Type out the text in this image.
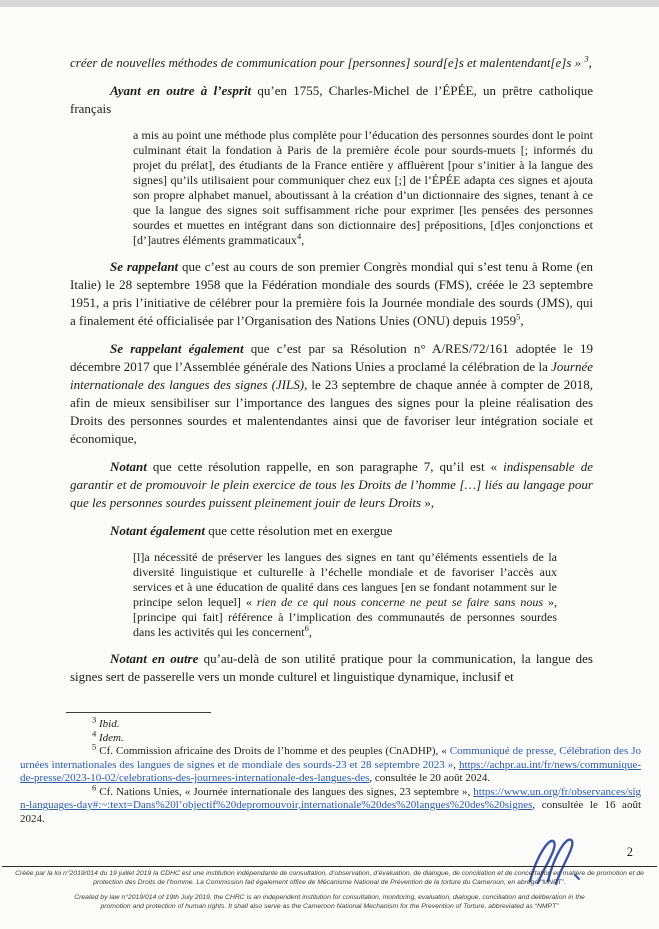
créer de nouvelles méthodes de communication pour [personnes] sourd[e]s et malentendant[e]s » $^3$,

Ayant en outre à l’esprit qu’en 1755, Charles-Michel de l’ÉPÉE, un prêtre catholique français

a mis au point une méthode plus complète pour l’éducation des personnes sourdes dont le point culminant était la fondation à Paris de la première école pour sourds-muets [; informés du projet du prélat], des étudiants de la France entière y affluèrent [pour s’initier à la langue des signes] qu’ils utilisaient pour communiquer chez eux [;] de l’ÉPÉE adapta ces signes et ajouta son propre alphabet manuel, aboutissant à la création d’un dictionnaire des signes, tenant à ce que la langue des signes soit suffisamment riche pour exprimer [les pensées des personnes sourdes et muettes en intégrant dans son dictionnaire des] prépositions, [d]es conjonctions et [d’]autres éléments grammaticaux$^4$,

Se rappelant que c’est au cours de son premier Congrès mondial qui s’est tenu à Rome (en Italie) le 28 septembre 1958 que la Fédération mondiale des sourds (FMS), créée le 23 septembre 1951, a pris l’initiative de célébrer pour la première fois la Journée mondiale des sourds (JMS), qui a finalement été officialisée par l’Organisation des Nations Unies (ONU) depuis 1959$^5$,

Se rappelant également que c’est par sa Résolution n° A/RES/72/161 adoptée le 19 décembre 2017 que l’Assemblée générale des Nations Unies a proclamé la célébration de la Journée internationale des langues des signes (JILS), le 23 septembre de chaque année à compter de 2018, afin de mieux sensibiliser sur l’importance des langues des signes pour la pleine réalisation des Droits des personnes sourdes et malentendantes ainsi que de favoriser leur intégration sociale et économique,

Notant que cette résolution rappelle, en son paragraphe 7, qu’il est « indispensable de garantir et de promouvoir le plein exercice de tous les Droits de l’homme […] liés au langage pour que les personnes sourdes puissent pleinement jouir de leurs Droits »,

Notant également que cette résolution met en exergue

[l]a nécessité de préserver les langues des signes en tant qu’éléments essentiels de la diversité linguistique et culturelle à l’échelle mondiale et de favoriser l’accès aux services et à une éducation de qualité dans ces langues [en se fondant notamment sur le principe selon lequel] « rien de ce qui nous concerne ne peut se faire sans nous », [principe qui fait] référence à l’implication des communautés de personnes sourdes dans les activités qui les concernent$^6$,

Notant en outre qu’au-delà de son utilité pratique pour la communication, la langue des signes sert de passerelle vers un monde culturel et linguistique dynamique, inclusif et

$^3$ Ibid.

$^4$ Idem.

$^5$ Cf. Commission africaine des Droits de l’homme et des peuples (CnADHP), « Communiqué de presse, Célébration des Journées internationales des langues de signes et de mondiale des sourds-23 et 28 septembre 2023 », https://achpr.au.int/fr/news/communique-de-presse/2023-10-02/celebrations-des-journees-internationale-des-langues-des, consultée le 20 août 2024.

$^6$ Cf. Nations Unies, « Journée internationale des langues des signes, 23 septembre », https://www.un.org/fr/observances/sign-languages-day#:~:text=Dans%20l’objectif%20depromouvoir,internationale%20des%20langues%20des%20signes, consultée le 16 août 2024.

2
Créée par la loi n°2019/014 du 19 juillet 2019 la CDHC est une institution indépendante de consultation, d’observation, d’évaluation, de dialogue, de conciliation et de concertation en matière de promotion et de protection des Droits de l’homme. La Commission fait également office de Mécanisme National de Prévention de la torture du Cameroun, en abrégé “MNPT”.
Created by law n°2019/014 of 19th July 2019, the CHRC is an independent institution for consultation, monitoring, evaluation, dialogue, conciliation and deliberation in the promotion and protection of human rights. It shall also serve as the Cameroon National Mechanism for the Prevention of Torture, abbreviated as “NMPT”
